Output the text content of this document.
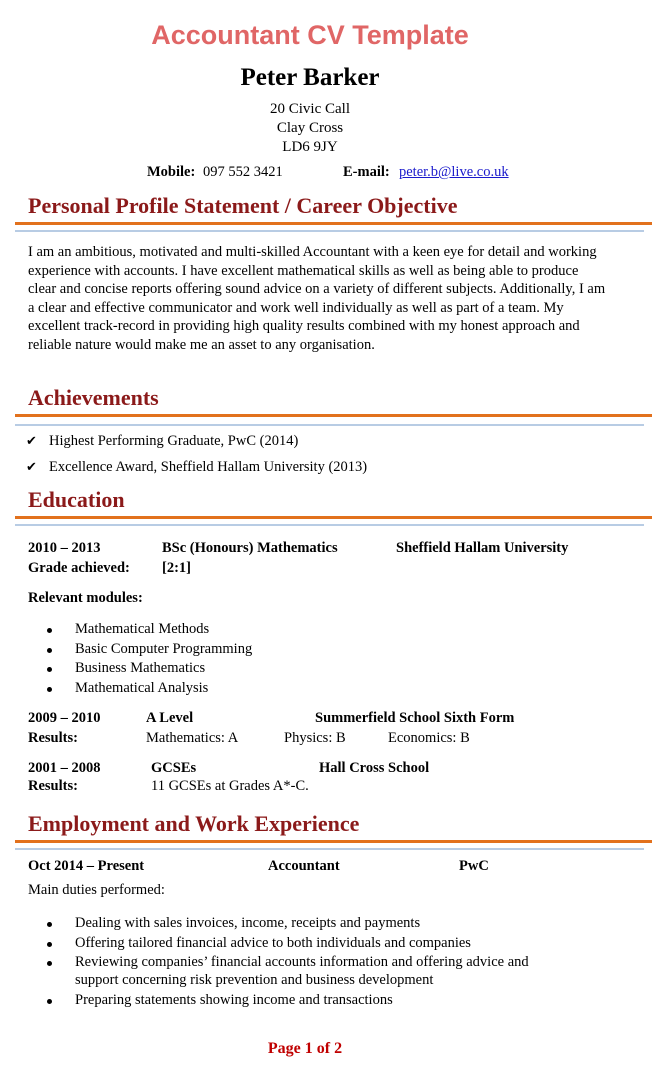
Accountant CV Template
Peter Barker
20 Civic Call
Clay Cross
LD6 9JY
Mobile: 097 552 3421	E-mail: peter.b@live.co.uk
Personal Profile Statement / Career Objective
I am an ambitious, motivated and multi-skilled Accountant with a keen eye for detail and working experience with accounts. I have excellent mathematical skills as well as being able to produce clear and concise reports offering sound advice on a variety of different subjects. Additionally, I am a clear and effective communicator and work well individually as well as part of a team. My excellent track-record in providing high quality results combined with my honest approach and reliable nature would make me an asset to any organisation.
Achievements
✔ Highest Performing Graduate, PwC (2014)
✔ Excellence Award, Sheffield Hallam University (2013)
Education
2010 – 2013	BSc (Honours) Mathematics	Sheffield Hallam University
Grade achieved: [2:1]
Relevant modules:
Mathematical Methods
Basic Computer Programming
Business Mathematics
Mathematical Analysis
2009 – 2010	A Level	Summerfield School Sixth Form
Results:	Mathematics: A	Physics: B	Economics: B
2001 – 2008	GCSEs	Hall Cross School
Results:	11 GCSEs at Grades A*-C.
Employment and Work Experience
Oct 2014 – Present	Accountant	PwC
Main duties performed:
Dealing with sales invoices, income, receipts and payments
Offering tailored financial advice to both individuals and companies
Reviewing companies’ financial accounts information and offering advice and
support concerning risk prevention and business development
Preparing statements showing income and transactions
Page 1 of 2
